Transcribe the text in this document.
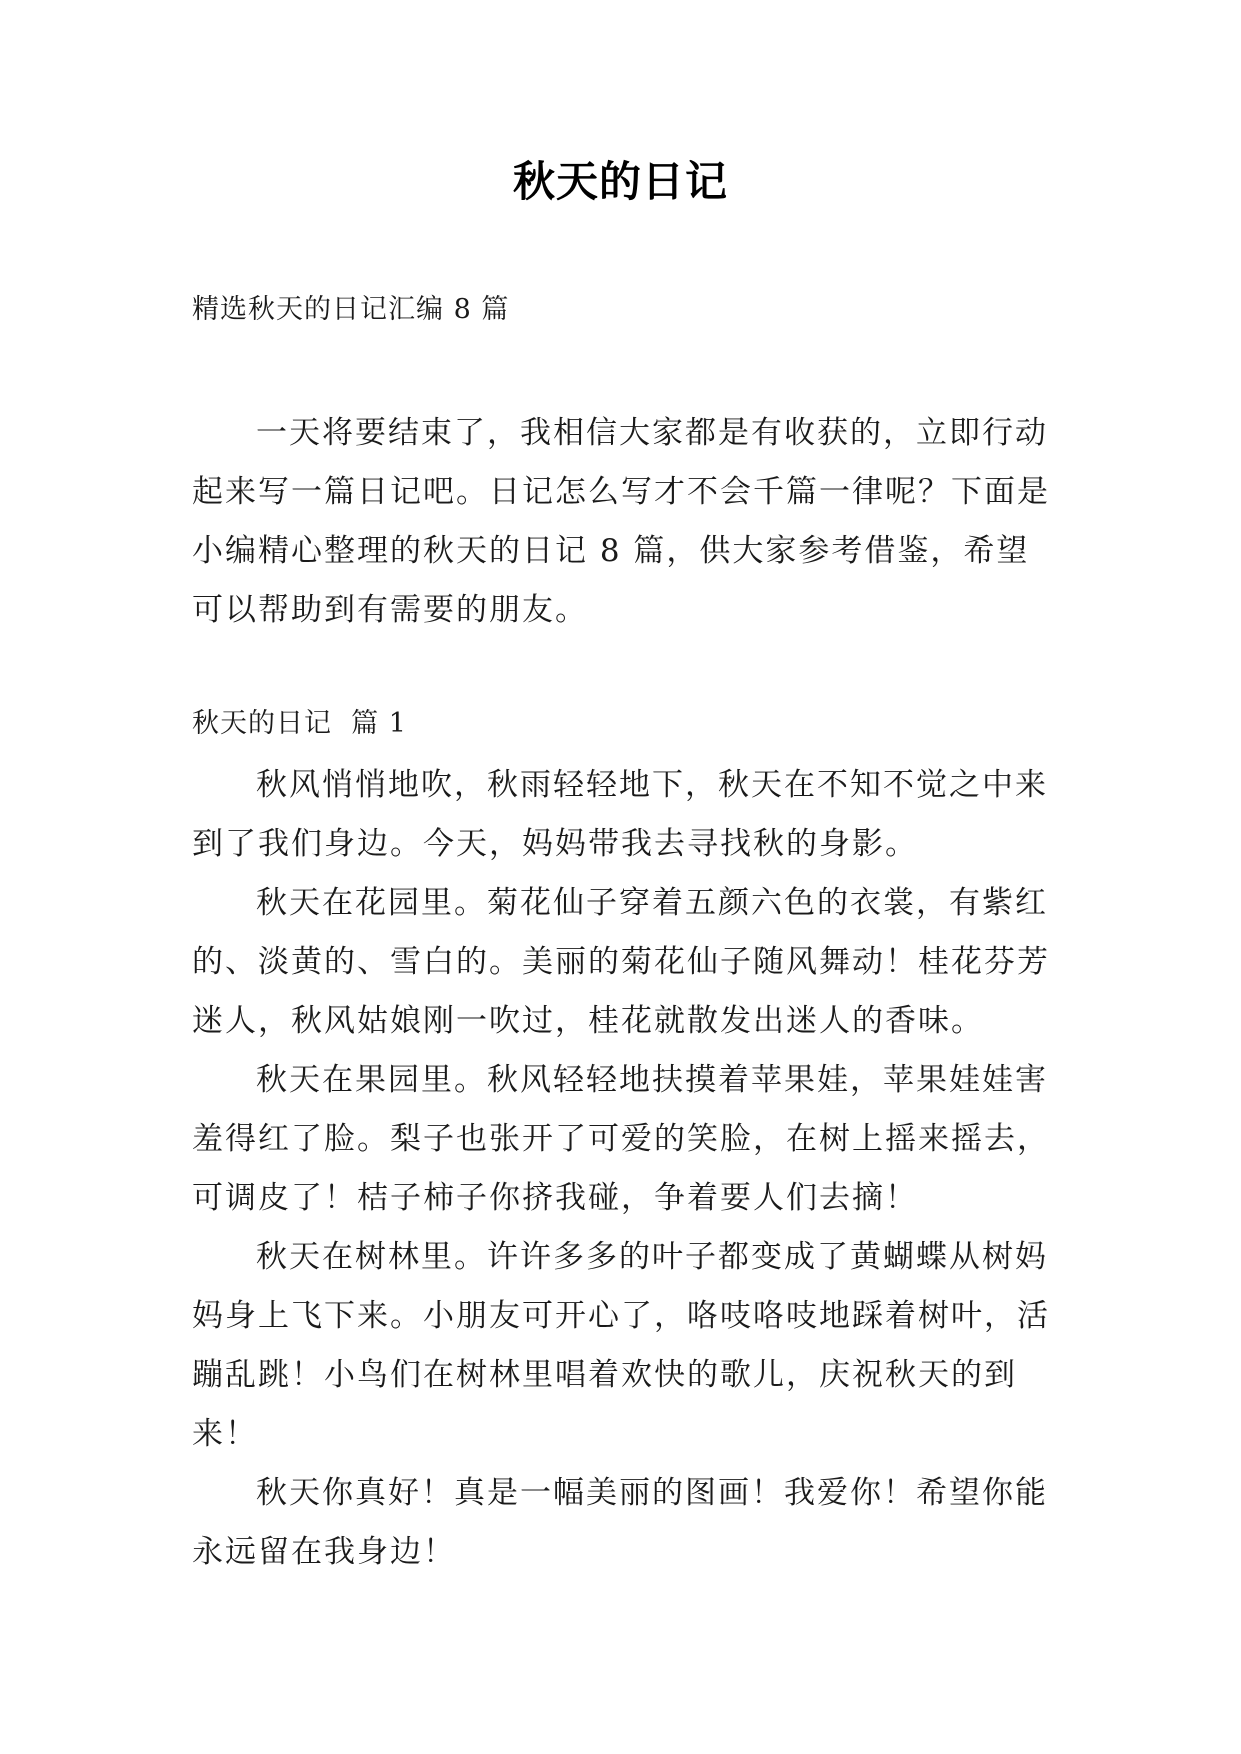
秋天的日记
精选秋天的日记汇编 8 篇

一天将要结束了，我相信大家都是有收获的，立即行动起来写一篇日记吧。日记怎么写才不会千篇一律呢？下面是小编精心整理的秋天的日记 8 篇，供大家参考借鉴，希望可以帮助到有需要的朋友。

秋天的日记  篇 1

秋风悄悄地吹，秋雨轻轻地下，秋天在不知不觉之中来到了我们身边。今天，妈妈带我去寻找秋的身影。

秋天在花园里。菊花仙子穿着五颜六色的衣裳，有紫红的、淡黄的、雪白的。美丽的菊花仙子随风舞动！桂花芬芳迷人，秋风姑娘刚一吹过，桂花就散发出迷人的香味。

秋天在果园里。秋风轻轻地扶摸着苹果娃，苹果娃娃害羞得红了脸。梨子也张开了可爱的笑脸，在树上摇来摇去，可调皮了！桔子柿子你挤我碰，争着要人们去摘！

秋天在树林里。许许多多的叶子都变成了黄蝴蝶从树妈妈身上飞下来。小朋友可开心了，咯吱咯吱地踩着树叶，活蹦乱跳！小鸟们在树林里唱着欢快的歌儿，庆祝秋天的到来！

秋天你真好！真是一幅美丽的图画！我爱你！希望你能永远留在我身边！
